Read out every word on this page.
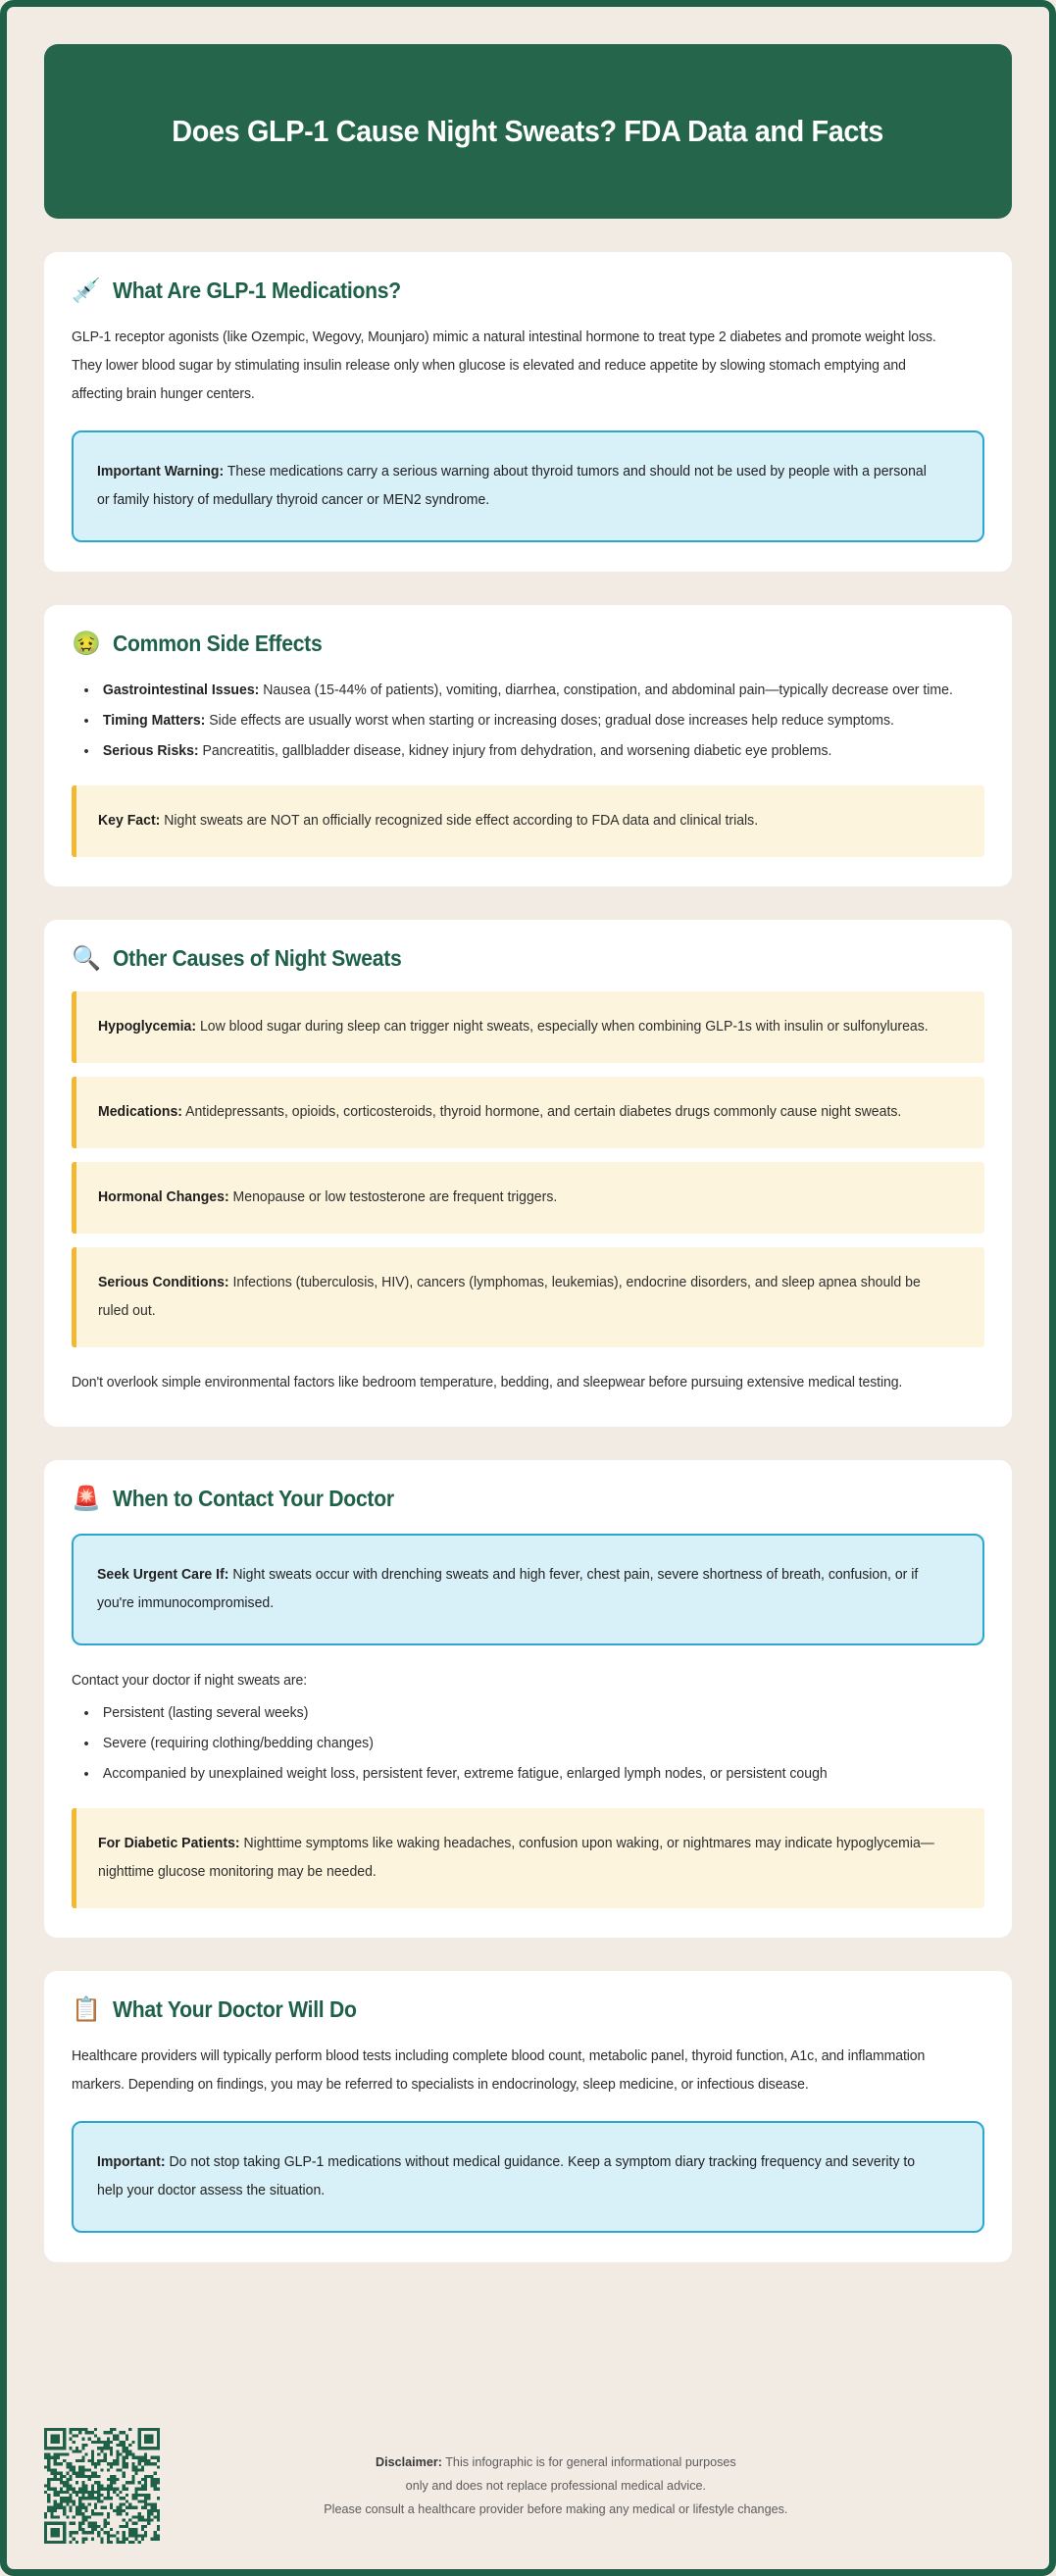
Does GLP-1 Cause Night Sweats? FDA Data and Facts
💉 What Are GLP-1 Medications?

GLP-1 receptor agonists (like Ozempic, Wegovy, Mounjaro) mimic a natural intestinal hormone to treat type 2 diabetes and promote weight loss. They lower blood sugar by stimulating insulin release only when glucose is elevated and reduce appetite by slowing stomach emptying and affecting brain hunger centers.

Important Warning: These medications carry a serious warning about thyroid tumors and should not be used by people with a personal or family history of medullary thyroid cancer or MEN2 syndrome.
🤢 Common Side Effects
• Gastrointestinal Issues: Nausea (15-44% of patients), vomiting, diarrhea, constipation, and abdominal pain—typically decrease over time.
• Timing Matters: Side effects are usually worst when starting or increasing doses; gradual dose increases help reduce symptoms.
• Serious Risks: Pancreatitis, gallbladder disease, kidney injury from dehydration, and worsening diabetic eye problems.
Key Fact: Night sweats are NOT an officially recognized side effect according to FDA data and clinical trials.
🔍 Other Causes of Night Sweats
Hypoglycemia: Low blood sugar during sleep can trigger night sweats, especially when combining GLP-1s with insulin or sulfonylureas.
Medications: Antidepressants, opioids, corticosteroids, thyroid hormone, and certain diabetes drugs commonly cause night sweats.
Hormonal Changes: Menopause or low testosterone are frequent triggers.
Serious Conditions: Infections (tuberculosis, HIV), cancers (lymphomas, leukemias), endocrine disorders, and sleep apnea should be ruled out.

Don't overlook simple environmental factors like bedroom temperature, bedding, and sleepwear before pursuing extensive medical testing.

🚨 When to Contact Your Doctor
Seek Urgent Care If: Night sweats occur with drenching sweats and high fever, chest pain, severe shortness of breath, confusion, or if you're immunocompromised.

Contact your doctor if night sweats are:

• Persistent (lasting several weeks)
• Severe (requiring clothing/bedding changes)
• Accompanied by unexplained weight loss, persistent fever, extreme fatigue, enlarged lymph nodes, or persistent cough
For Diabetic Patients: Nighttime symptoms like waking headaches, confusion upon waking, or nightmares may indicate hypoglycemia—nighttime glucose monitoring may be needed.
📋 What Your Doctor Will Do

Healthcare providers will typically perform blood tests including complete blood count, metabolic panel, thyroid function, A1c, and inflammation markers. Depending on findings, you may be referred to specialists in endocrinology, sleep medicine, or infectious disease.

Important: Do not stop taking GLP-1 medications without medical guidance. Keep a symptom diary tracking frequency and severity to help your doctor assess the situation.
Disclaimer: This infographic is for general informational purposes
only and does not replace professional medical advice.
Please consult a healthcare provider before making any medical or lifestyle changes.
